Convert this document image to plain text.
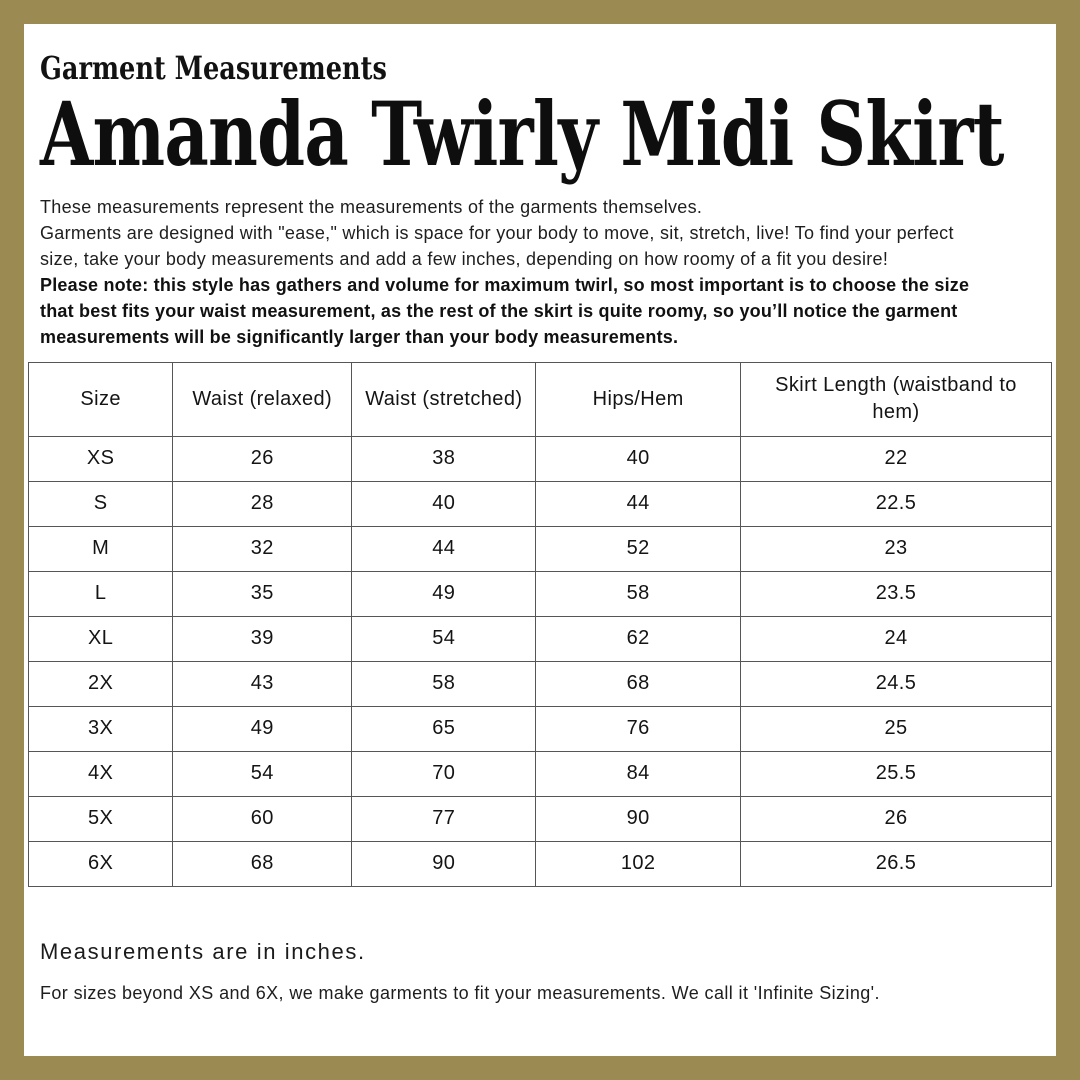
Garment Measurements
Amanda Twirly Midi Skirt
These measurements represent the measurements of the garments themselves.
Garments are designed with "ease," which is space for your body to move, sit, stretch, live! To find your perfect size, take your body measurements and add a few inches, depending on how roomy of a fit you desire!
Please note: this style has gathers and volume for maximum twirl, so most important is to choose the size that best fits your waist measurement, as the rest of the skirt is quite roomy, so you’ll notice the garment measurements will be significantly larger than your body measurements.
Size	Waist (relaxed)	Waist (stretched)	Hips/Hem	Skirt Length (waistband to hem)
XS	26	38	40	22
S	28	40	44	22.5
M	32	44	52	23
L	35	49	58	23.5
XL	39	54	62	24
2X	43	58	68	24.5
3X	49	65	76	25
4X	54	70	84	25.5
5X	60	77	90	26
6X	68	90	102	26.5
Measurements are in inches.
For sizes beyond XS and 6X, we make garments to fit your measurements. We call it 'Infinite Sizing'.
